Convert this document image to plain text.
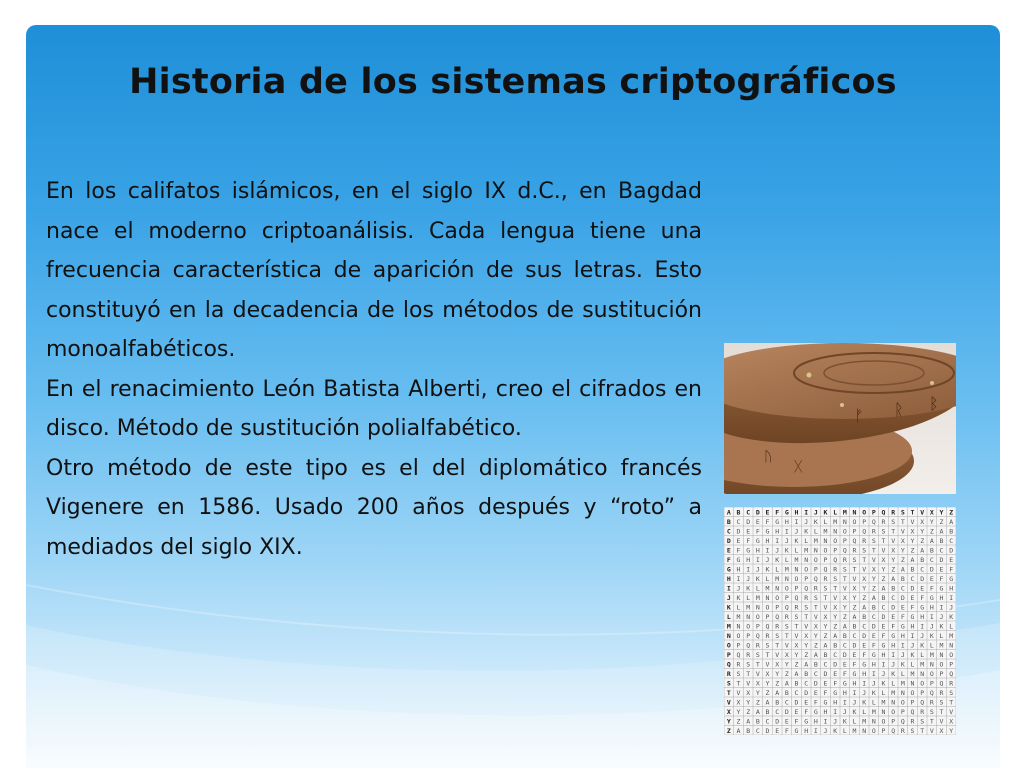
Historia de los sistemas criptográficos

En los califatos islámicos, en el siglo IX d.C., en Bagdad nace el moderno criptoanálisis. Cada lengua tiene una frecuencia característica de aparición de sus letras. Esto constituyó en la decadencia de los métodos de sustitución monoalfabéticos.

En el renacimiento León Batista Alberti, creo el cifrados en disco. Método de sustitución polialfabético.

Otro método de este tipo es el del diplomático francés Vigenere en 1586. Usado 200 años después y “roto” a mediados del siglo XIX.

ᚠ ᚱ ᛒ
ᚢ
ᚷ
A B C D E F G H I J K L M N O P Q R S T V X Y Z
B C D E F G H I J K L M N O P Q R S T V X Y Z A
C D E F G H I J K L M N O P Q R S T V X Y Z A B
D E F G H I J K L M N O P Q R S T V X Y Z A B C
E F G H I J K L M N O P Q R S T V X Y Z A B C D
F G H I J K L M N O P Q R S T V X Y Z A B C D E
G H I J K L M N O P Q R S T V X Y Z A B C D E F
H I J K L M N O P Q R S T V X Y Z A B C D E F G
I J K L M N O P Q R S T V X Y Z A B C D E F G H
J K L M N O P Q R S T V X Y Z A B C D E F G H I
K L M N O P Q R S T V X Y Z A B C D E F G H I J
L M N O P Q R S T V X Y Z A B C D E F G H I J K
M N O P Q R S T V X Y Z A B C D E F G H I J K L
N O P Q R S T V X Y Z A B C D E F G H I J K L M
O P Q R S T V X Y Z A B C D E F G H I J K L M N
P Q R S T V X Y Z A B C D E F G H I J K L M N O
Q R S T V X Y Z A B C D E F G H I J K L M N O P
R S T V X Y Z A B C D E F G H I J K L M N O P Q
S T V X Y Z A B C D E F G H I J K L M N O P Q R
T V X Y Z A B C D E F G H I J K L M N O P Q R S
V X Y Z A B C D E F G H I J K L M N O P Q R S T
X Y Z A B C D E F G H I J K L M N O P Q R S T V
Y Z A B C D E F G H I J K L M N O P Q R S T V X
Z A B C D E F G H I J K L M N O P Q R S T V X Y
